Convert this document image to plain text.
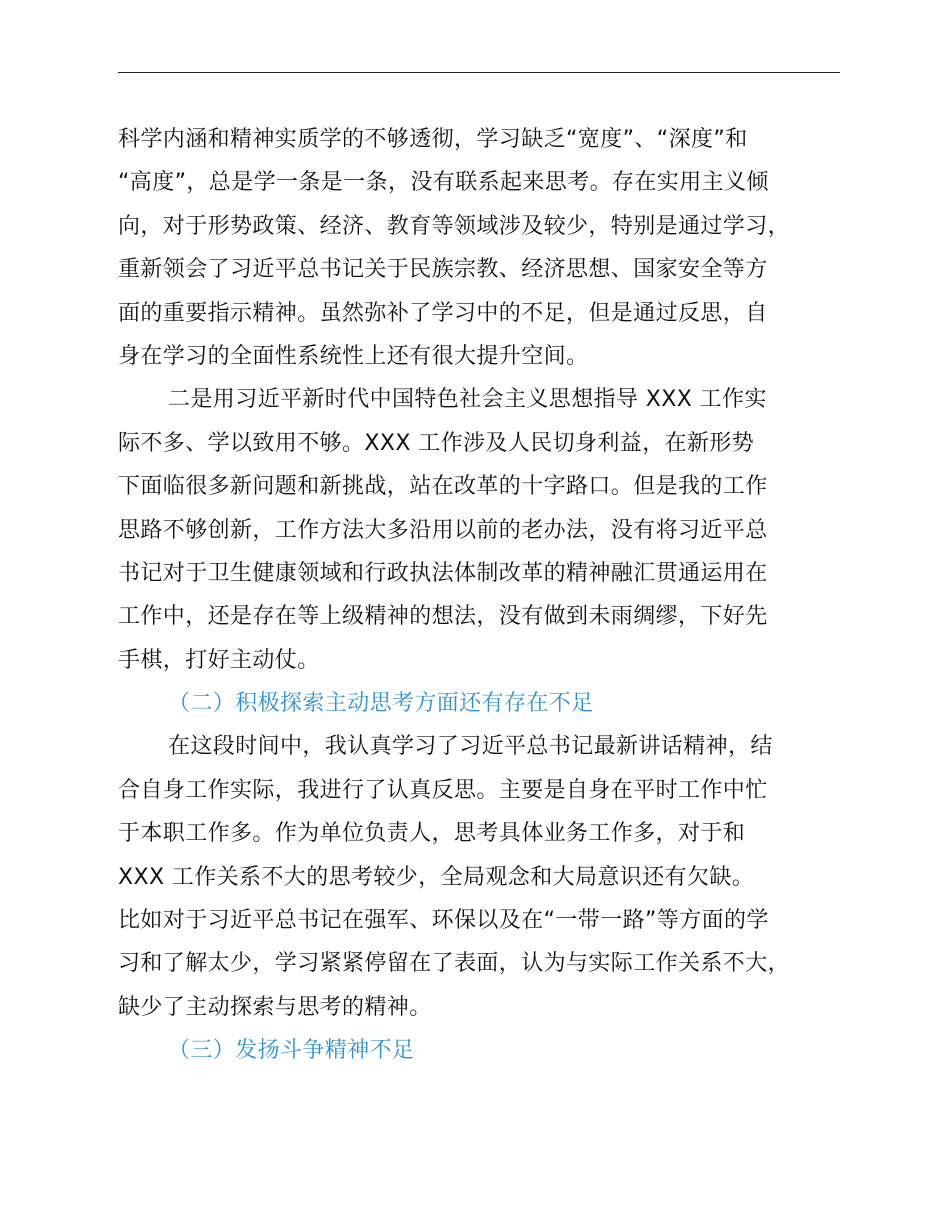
科学内涵和精神实质学的不够透彻，学习缺乏“宽度”、“深度”和
“高度”，总是学一条是一条，没有联系起来思考。存在实用主义倾
向，对于形势政策、经济、教育等领域涉及较少，特别是通过学习，
重新领会了习近平总书记关于民族宗教、经济思想、国家安全等方
面的重要指示精神。虽然弥补了学习中的不足，但是通过反思，自
身在学习的全面性系统性上还有很大提升空间。
二是用习近平新时代中国特色社会主义思想指导 XXX 工作实
际不多、学以致用不够。XXX 工作涉及人民切身利益，在新形势
下面临很多新问题和新挑战，站在改革的十字路口。但是我的工作
思路不够创新，工作方法大多沿用以前的老办法，没有将习近平总
书记对于卫生健康领域和行政执法体制改革的精神融汇贯通运用在
工作中，还是存在等上级精神的想法，没有做到未雨绸缪，下好先
手棋，打好主动仗。
（二）积极探索主动思考方面还有存在不足
在这段时间中，我认真学习了习近平总书记最新讲话精神，结
合自身工作实际，我进行了认真反思。主要是自身在平时工作中忙
于本职工作多。作为单位负责人，思考具体业务工作多，对于和
XXX 工作关系不大的思考较少，全局观念和大局意识还有欠缺。
比如对于习近平总书记在强军、环保以及在“一带一路”等方面的学
习和了解太少，学习紧紧停留在了表面，认为与实际工作关系不大，
缺少了主动探索与思考的精神。
（三）发扬斗争精神不足
